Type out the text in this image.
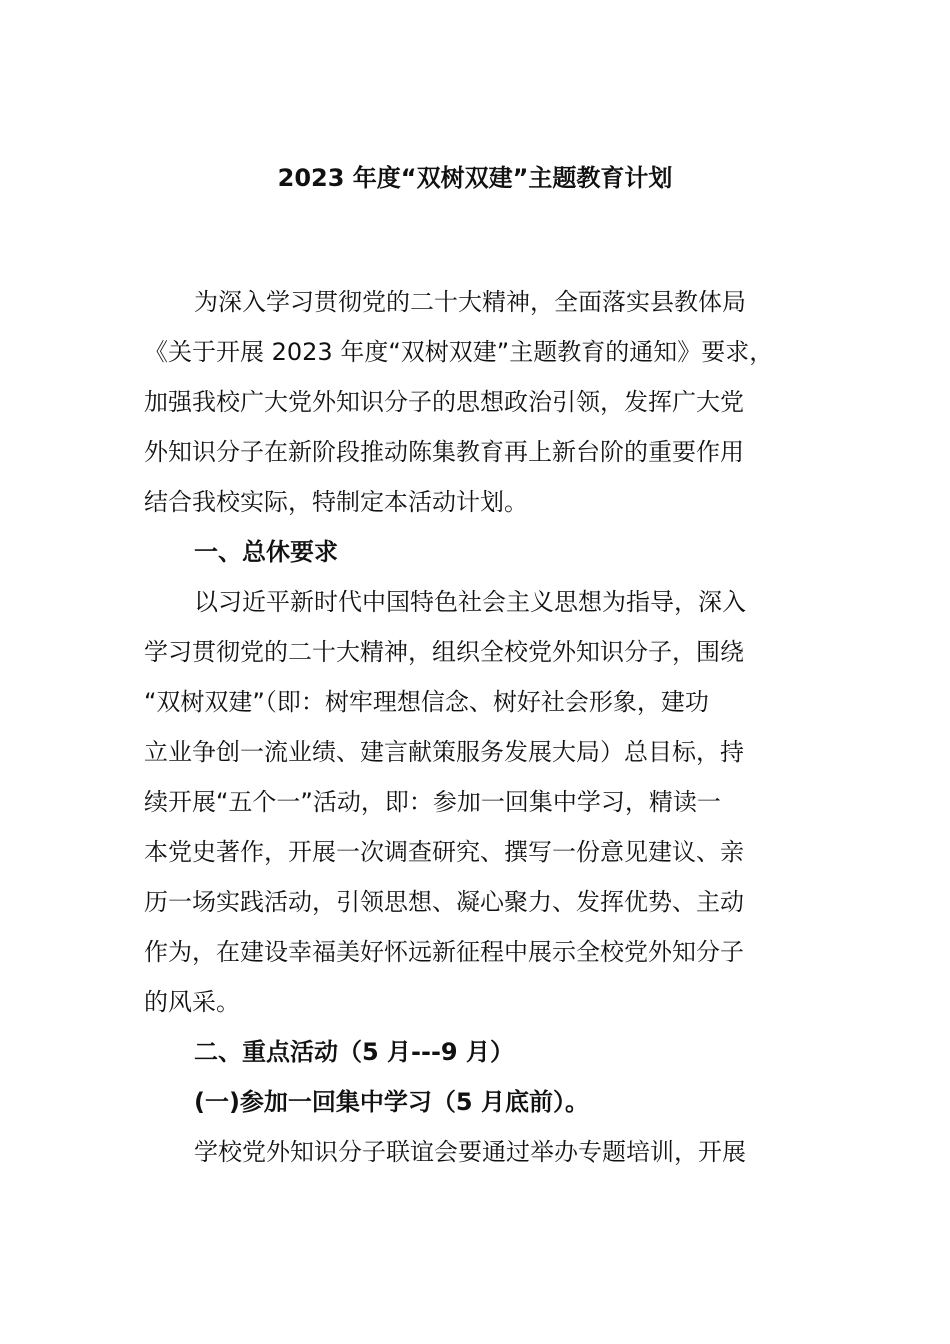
2023 年度“双树双建”主题教育计划
为深入学习贯彻党的二十大精神，全面落实县教体局
《关于开展 2023 年度“双树双建”主题教育的通知》要求，
加强我校广大党外知识分子的思想政治引领，发挥广大党
外知识分子在新阶段推动陈集教育再上新台阶的重要作用
结合我校实际，特制定本活动计划。
一、总休要求
以习近平新时代中国特色社会主义思想为指导，深入
学习贯彻党的二十大精神，组织全校党外知识分子，围绕
“双树双建”（即：树牢理想信念、树好社会形象，建功
立业争创一流业绩、建言献策服务发展大局）总目标，持
续开展“五个一”活动，即：参加一回集中学习，精读一
本党史著作，开展一次调查研究、撰写一份意见建议、亲
历一场实践活动，引领思想、凝心聚力、发挥优势、主动
作为，在建设幸福美好怀远新征程中展示全校党外知分子
的风采。
二、重点活动（5 月---9 月）
(一)参加一回集中学习（5 月底前）。
学校党外知识分子联谊会要通过举办专题培训，开展
